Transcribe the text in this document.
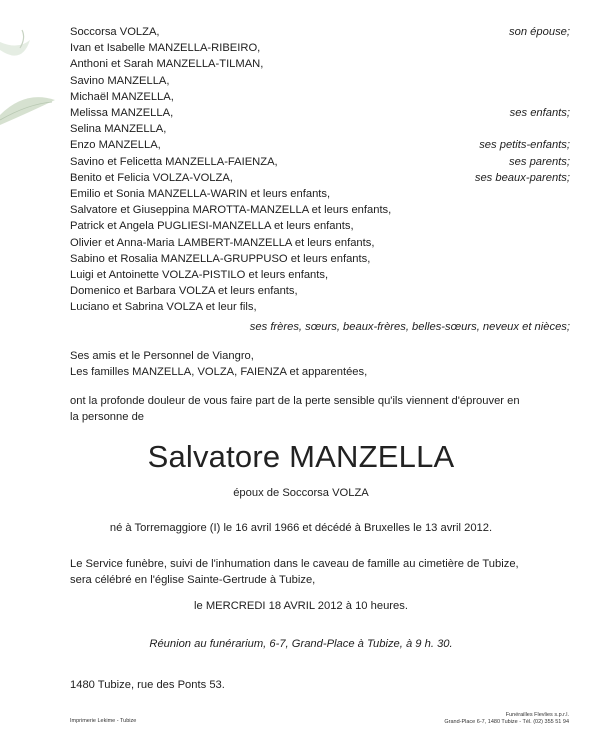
Soccorsa VOLZA,	son épouse;
Ivan et Isabelle MANZELLA-RIBEIRO,
Anthoni et Sarah MANZELLA-TILMAN,
Savino MANZELLA,
Michaël MANZELLA,
Melissa MANZELLA,	ses enfants;
Selina MANZELLA,
Enzo MANZELLA,	ses petits-enfants;
Savino et Felicetta MANZELLA-FAIENZA,	ses parents;
Benito et Felicia VOLZA-VOLZA,	ses beaux-parents;
Emilio et Sonia MANZELLA-WARIN et leurs enfants,
Salvatore et Giuseppina MAROTTA-MANZELLA et leurs enfants,
Patrick et Angela PUGLIESI-MANZELLA et leurs enfants,
Olivier et Anna-Maria LAMBERT-MANZELLA et leurs enfants,
Sabino et Rosalia MANZELLA-GRUPPUSO et leurs enfants,
Luigi et Antoinette VOLZA-PISTILO et leurs enfants,
Domenico et Barbara VOLZA et leurs enfants,
Luciano et Sabrina VOLZA et leur fils,
ses frères, sœurs, beaux-frères, belles-sœurs, neveux et nièces;
Ses amis et le Personnel de Viangro,
Les familles MANZELLA, VOLZA, FAIENZA et apparentées,
ont la profonde douleur de vous faire part de la perte sensible qu'ils viennent d'éprouver en
la personne de
Salvatore MANZELLA
époux de Soccorsa VOLZA
né à Torremaggiore (I) le 16 avril 1966 et décédé à Bruxelles le 13 avril 2012.
Le Service funèbre, suivi de l'inhumation dans le caveau de famille au cimetière de Tubize,
sera célébré en l'église Sainte-Gertrude à Tubize,
le MERCREDI 18 AVRIL 2012 à 10 heures.
Réunion au funérarium, 6-7, Grand-Place à Tubize, à 9 h. 30.
1480 Tubize, rue des Ponts 53.
Imprimerie Lekime - Tubize
Funérailles Flevlies s.p.r.l.
Grand-Place 6-7, 1480 Tubize - Tél. (02) 355 51 94
